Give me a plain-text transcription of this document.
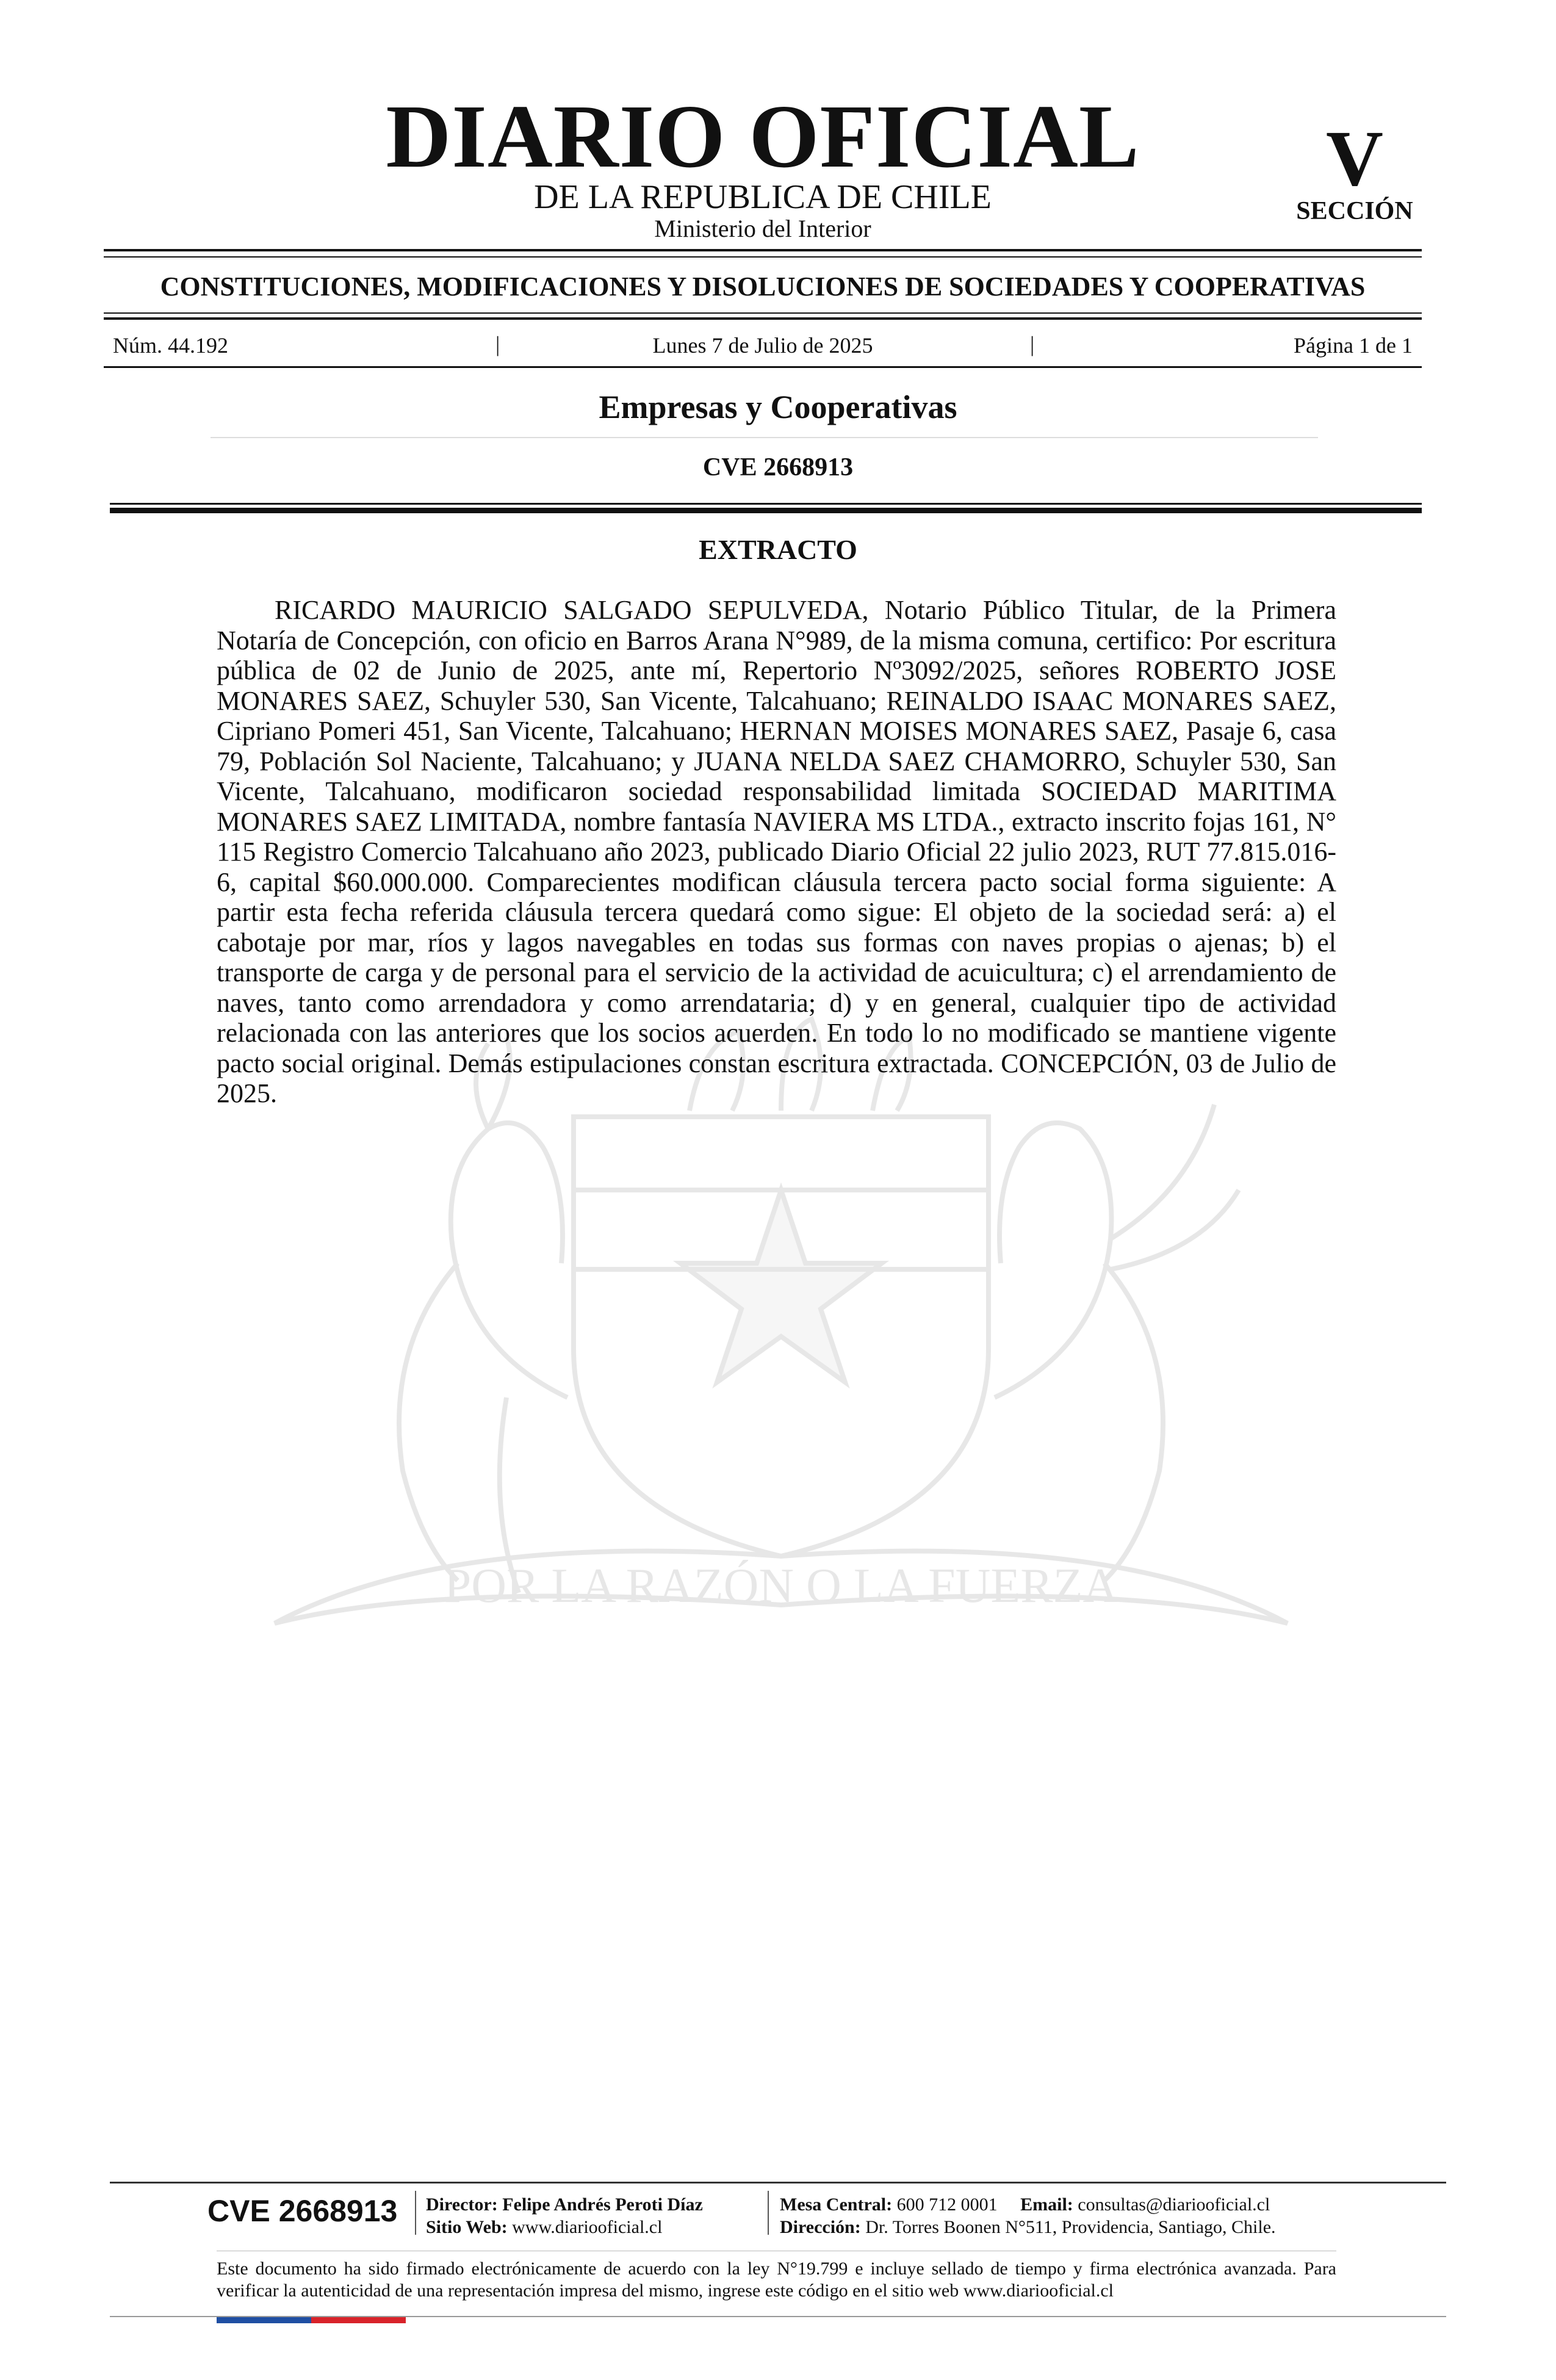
DIARIO OFICIAL
DE LA REPUBLICA DE CHILE
Ministerio del Interior
V
SECCIÓN
CONSTITUCIONES, MODIFICACIONES Y DISOLUCIONES DE SOCIEDADES Y COOPERATIVAS
Núm. 44.192	|	Lunes 7 de Julio de 2025	|	Página 1 de 1
Empresas y Cooperativas
CVE 2668913
POR LA RAZÓN O LA FUERZA
EXTRACTO

RICARDO MAURICIO SALGADO SEPULVEDA, Notario Público Titular, de la Primera Notaría de Concepción, con oficio en Barros Arana N°989, de la misma comuna, certifico: Por escritura pública de 02 de Junio de 2025, ante mí, Repertorio Nº3092/2025, señores ROBERTO JOSE MONARES SAEZ, Schuyler 530, San Vicente, Talcahuano; REINALDO ISAAC MONARES SAEZ, Cipriano Pomeri 451, San Vicente, Talcahuano; HERNAN MOISES MONARES SAEZ, Pasaje 6, casa 79, Población Sol Naciente, Talcahuano; y JUANA NELDA SAEZ CHAMORRO, Schuyler 530, San Vicente, Talcahuano, modificaron sociedad responsabilidad limitada SOCIEDAD MARITIMA MONARES SAEZ LIMITADA, nombre fantasía NAVIERA MS LTDA., extracto inscrito fojas 161, N° 115 Registro Comercio Talcahuano año 2023, publicado Diario Oficial 22 julio 2023, RUT 77.815.016-6, capital $60.000.000. Comparecientes modifican cláusula tercera pacto social forma siguiente: A partir esta fecha referida cláusula tercera quedará como sigue: El objeto de la sociedad será: a) el cabotaje por mar, ríos y lagos navegables en todas sus formas con naves propias o ajenas; b) el transporte de carga y de personal para el servicio de la actividad de acuicultura; c) el arrendamiento de naves, tanto como arrendadora y como arrendataria; d) y en general, cualquier tipo de actividad relacionada con las anteriores que los socios acuerden. En todo lo no modificado se mantiene vigente pacto social original. Demás estipulaciones constan escritura extractada. CONCEPCIÓN, 03 de Julio de 2025.

CVE 2668913 Director: Felipe Andrés Peroti Díaz
Sitio Web: www.diariooficial.cl
Mesa Central: 600 712 0001 Email: consultas@diariooficial.cl
Dirección: Dr. Torres Boonen N°511, Providencia, Santiago, Chile.

Este documento ha sido firmado electrónicamente de acuerdo con la ley N°19.799 e incluye sellado de tiempo y firma electrónica avanzada. Para verificar la autenticidad de una representación impresa del mismo, ingrese este código en el sitio web www.diariooficial.cl
